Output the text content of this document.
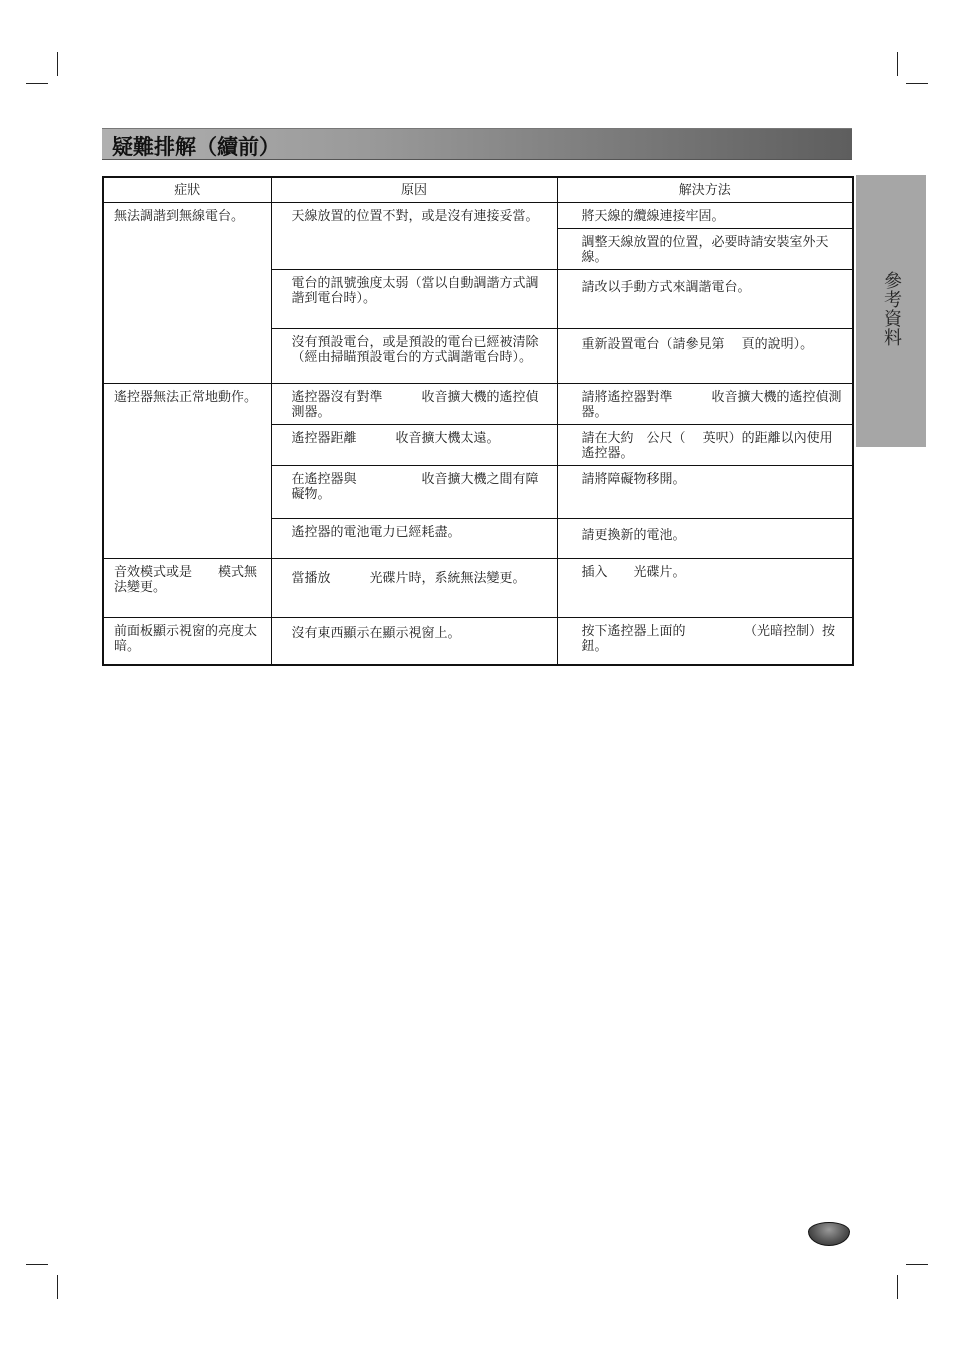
疑難排解（續前）
參考資料
症狀	原因	解決方法
無法調諧到無線電台。	天線放置的位置不對，或是沒有連接妥當。	將天線的纜線連接牢固。
		調整天線放置的位置，必要時請安裝室外天線。
	電台的訊號強度太弱（當以自動調諧方式調諧到電台時）。	請改以手動方式來調諧電台。
	沒有預設電台，或是預設的電台已經被清除（經由掃瞄預設電台的方式調諧電台時）。	重新設置電台（請參見第　 頁的說明）。
遙控器無法正常地動作。	遙控器沒有對準　　　收音擴大機的遙控偵測器。	請將遙控器對準　　　收音擴大機的遙控偵測器。
	遙控器距離　　　收音擴大機太遠。	請在大約　公尺（　 英呎）的距離以內使用遙控器。
	在遙控器與　　　　　收音擴大機之間有障礙物。	請將障礙物移開。
	遙控器的電池電力已經耗盡。	請更換新的電池。
音效模式或是　　模式無法變更。	當播放　　　光碟片時，系統無法變更。	插入　　光碟片。
前面板顯示視窗的亮度太暗。	沒有東西顯示在顯示視窗上。	按下遙控器上面的　　　　　（光暗控制）按鈕。
